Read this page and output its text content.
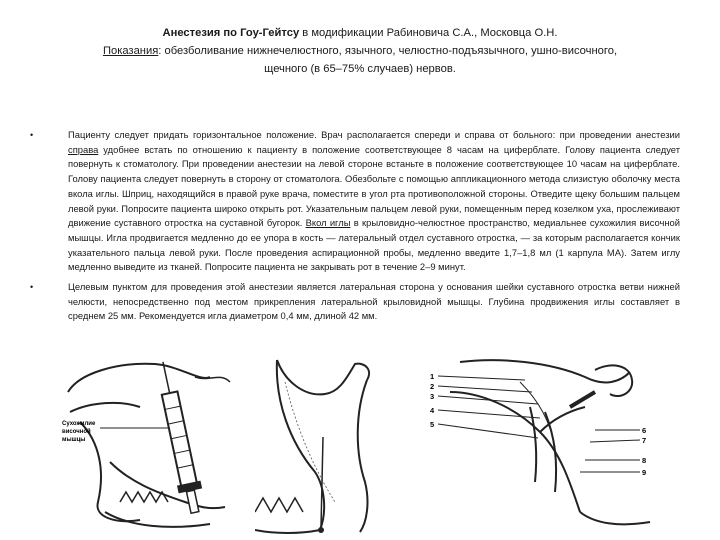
Анестезия по Гоу-Гейтсу в модификации Рабиновича С.А., Московца О.Н.
Показания: обезболивание нижнечелюстного, язычного, челюстно-подъязычного, ушно-височного,
щечного (в 65–75% случаев) нервов.
•	Пациенту следует придать горизонтальное положение. Врач располагается спереди и справа от больного: при проведении анестезии справа удобнее встать по отношению к пациенту в положение соответствующее 8 часам на циферблате. Голову пациента следует повернуть к стоматологу. При проведении анестезии на левой стороне встаньте в положение соответствующее 10 часам на циферблате. Голову пациента следует повернуть в сторону от стоматолога. Обезбольте с помощью аппликационного метода слизистую оболочку места вкола иглы. Шприц, находящийся в правой руке врача, поместите в угол рта противоположной стороны. Отведите щеку большим пальцем левой руки. Попросите пациента широко открыть рот. Указательным пальцем левой руки, помещенным перед козелком уха, прослеживают движение суставного отростка на суставной бугорок. Вкол иглы в крыловидно-челюстное пространство, медиальнее сухожилия височной мышцы. Игла продвигается медленно до ее упора в кость — латеральный отдел суставного отростка, — за которым располагается кончик указательного пальца левой руки. После проведения аспирационной пробы, медленно введите 1,7–1,8 мл (1 карпула МА). Затем иглу медленно выведите из тканей. Попросите пациента не закрывать рот в течение 2–9 минут.
•	Целевым пунктом для проведения этой анестезии является латеральная сторона у основания шейки суставного отростка ветви нижней челюсти, непосредственно под местом прикрепления латеральной крыловидной мышцы. Глубина продвижения иглы составляет в среднем 25 мм. Рекомендуется игла диаметром 0,4 мм, длиной 42 мм.
Сухожилие
височной
мышцы
1
2
3
4
5
6
7
8
9
